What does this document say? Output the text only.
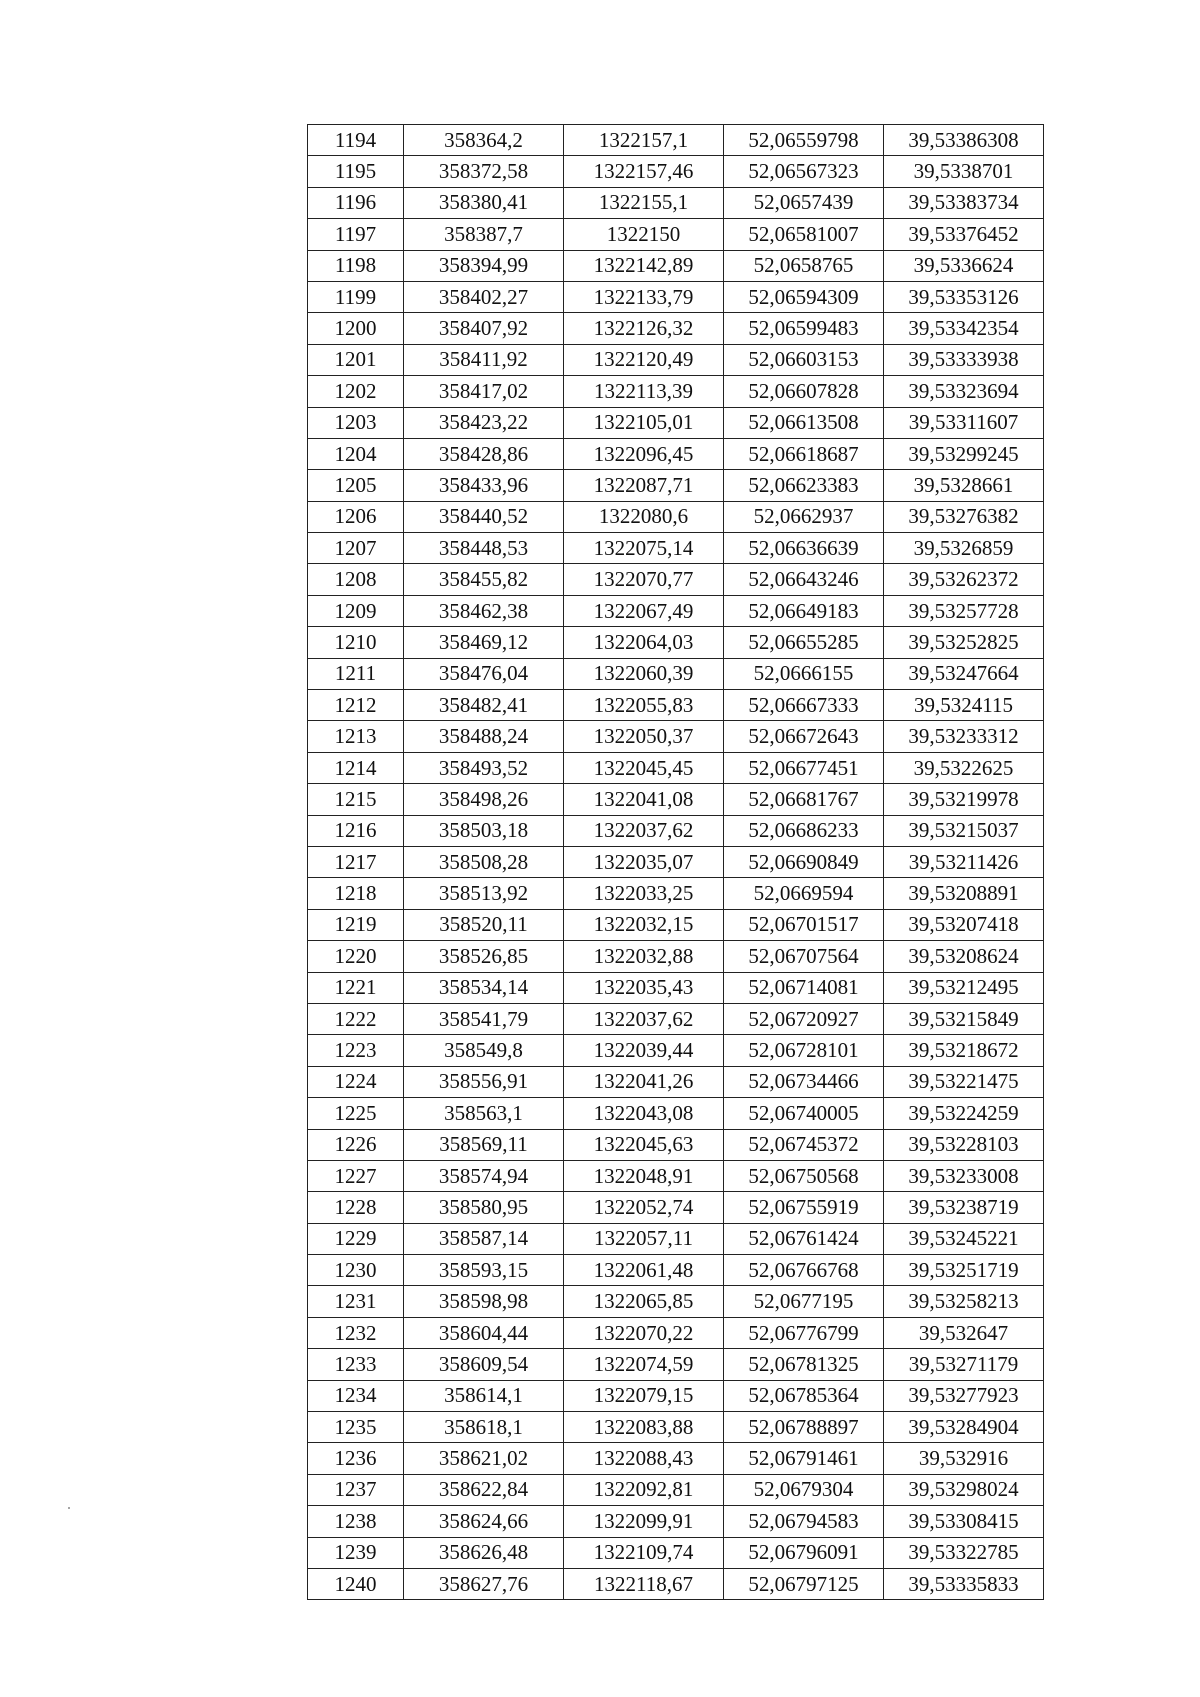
1194	358364,2	1322157,1	52,06559798	39,53386308
1195	358372,58	1322157,46	52,06567323	39,5338701
1196	358380,41	1322155,1	52,0657439	39,53383734
1197	358387,7	1322150	52,06581007	39,53376452
1198	358394,99	1322142,89	52,0658765	39,5336624
1199	358402,27	1322133,79	52,06594309	39,53353126
1200	358407,92	1322126,32	52,06599483	39,53342354
1201	358411,92	1322120,49	52,06603153	39,53333938
1202	358417,02	1322113,39	52,06607828	39,53323694
1203	358423,22	1322105,01	52,06613508	39,53311607
1204	358428,86	1322096,45	52,06618687	39,53299245
1205	358433,96	1322087,71	52,06623383	39,5328661
1206	358440,52	1322080,6	52,0662937	39,53276382
1207	358448,53	1322075,14	52,06636639	39,5326859
1208	358455,82	1322070,77	52,06643246	39,53262372
1209	358462,38	1322067,49	52,06649183	39,53257728
1210	358469,12	1322064,03	52,06655285	39,53252825
1211	358476,04	1322060,39	52,0666155	39,53247664
1212	358482,41	1322055,83	52,06667333	39,5324115
1213	358488,24	1322050,37	52,06672643	39,53233312
1214	358493,52	1322045,45	52,06677451	39,5322625
1215	358498,26	1322041,08	52,06681767	39,53219978
1216	358503,18	1322037,62	52,06686233	39,53215037
1217	358508,28	1322035,07	52,06690849	39,53211426
1218	358513,92	1322033,25	52,0669594	39,53208891
1219	358520,11	1322032,15	52,06701517	39,53207418
1220	358526,85	1322032,88	52,06707564	39,53208624
1221	358534,14	1322035,43	52,06714081	39,53212495
1222	358541,79	1322037,62	52,06720927	39,53215849
1223	358549,8	1322039,44	52,06728101	39,53218672
1224	358556,91	1322041,26	52,06734466	39,53221475
1225	358563,1	1322043,08	52,06740005	39,53224259
1226	358569,11	1322045,63	52,06745372	39,53228103
1227	358574,94	1322048,91	52,06750568	39,53233008
1228	358580,95	1322052,74	52,06755919	39,53238719
1229	358587,14	1322057,11	52,06761424	39,53245221
1230	358593,15	1322061,48	52,06766768	39,53251719
1231	358598,98	1322065,85	52,0677195	39,53258213
1232	358604,44	1322070,22	52,06776799	39,532647
1233	358609,54	1322074,59	52,06781325	39,53271179
1234	358614,1	1322079,15	52,06785364	39,53277923
1235	358618,1	1322083,88	52,06788897	39,53284904
1236	358621,02	1322088,43	52,06791461	39,532916
1237	358622,84	1322092,81	52,0679304	39,53298024
1238	358624,66	1322099,91	52,06794583	39,53308415
1239	358626,48	1322109,74	52,06796091	39,53322785
1240	358627,76	1322118,67	52,06797125	39,53335833
